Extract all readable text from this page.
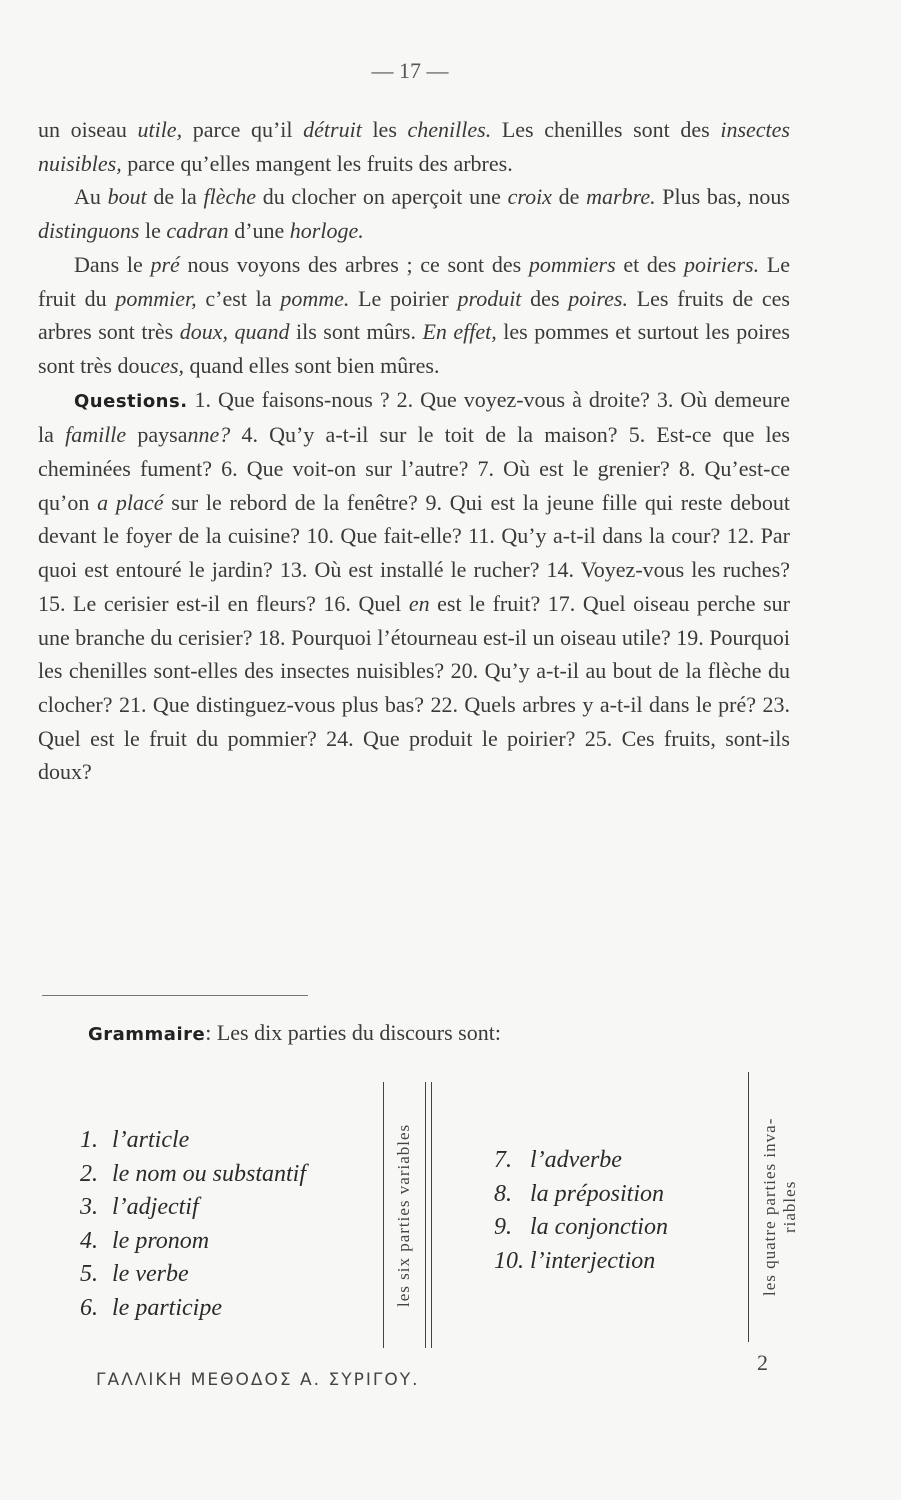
— 17 —

un oiseau utile, parce qu’il détruit les chenilles. Les chenilles sont des insectes nuisibles, parce qu’elles mangent les fruits des arbres.

Au bout de la flèche du clocher on aperçoit une croix de marbre. Plus bas, nous distinguons le cadran d’une horloge.

Dans le pré nous voyons des arbres ; ce sont des pommiers et des poiriers. Le fruit du pommier, c’est la pomme. Le poirier produit des poires. Les fruits de ces arbres sont très doux, quand ils sont mûrs. En effet, les pommes et surtout les poires sont très douces, quand elles sont bien mûres.

Questions. 1. Que faisons-nous ? 2. Que voyez-vous à droite? 3. Où demeure la famille paysanne? 4. Qu’y a-t-il sur le toit de la maison? 5. Est-ce que les cheminées fument? 6. Que voit-on sur l’autre? 7. Où est le grenier? 8. Qu’est-ce qu’on a placé sur le rebord de la fenêtre? 9. Qui est la jeune fille qui reste debout devant le foyer de la cuisine? 10. Que fait-elle? 11. Qu’y a-t-il dans la cour? 12. Par quoi est entouré le jardin? 13. Où est installé le rucher? 14. Voyez-vous les ruches? 15. Le cerisier est-il en fleurs? 16. Quel en est le fruit? 17. Quel oiseau perche sur une branche du cerisier? 18. Pourquoi l’étourneau est-il un oiseau utile? 19. Pourquoi les chenilles sont-elles des insectes nuisibles? 20. Qu’y a-t-il au bout de la flèche du clocher? 21. Que distinguez-vous plus bas? 22. Quels arbres y a-t-il dans le pré? 23. Quel est le fruit du pommier? 24. Que produit le poirier? 25. Ces fruits, sont-ils doux?

Grammaire: Les dix parties du discours sont:
1. l’article
2. le nom ou substantif
3. l’adjectif
4. le pronom
5. le verbe
6. le participe
les six parties variables	7. l’adverbe
8. la préposition
9. la conjonction
10. l’interjection	les quatre parties inva-
riables
ΓΑΛΛΙΚΗ ΜΕΘΟΔΟΣ Α. ΣΥΡΙΓΟΥ.
2
